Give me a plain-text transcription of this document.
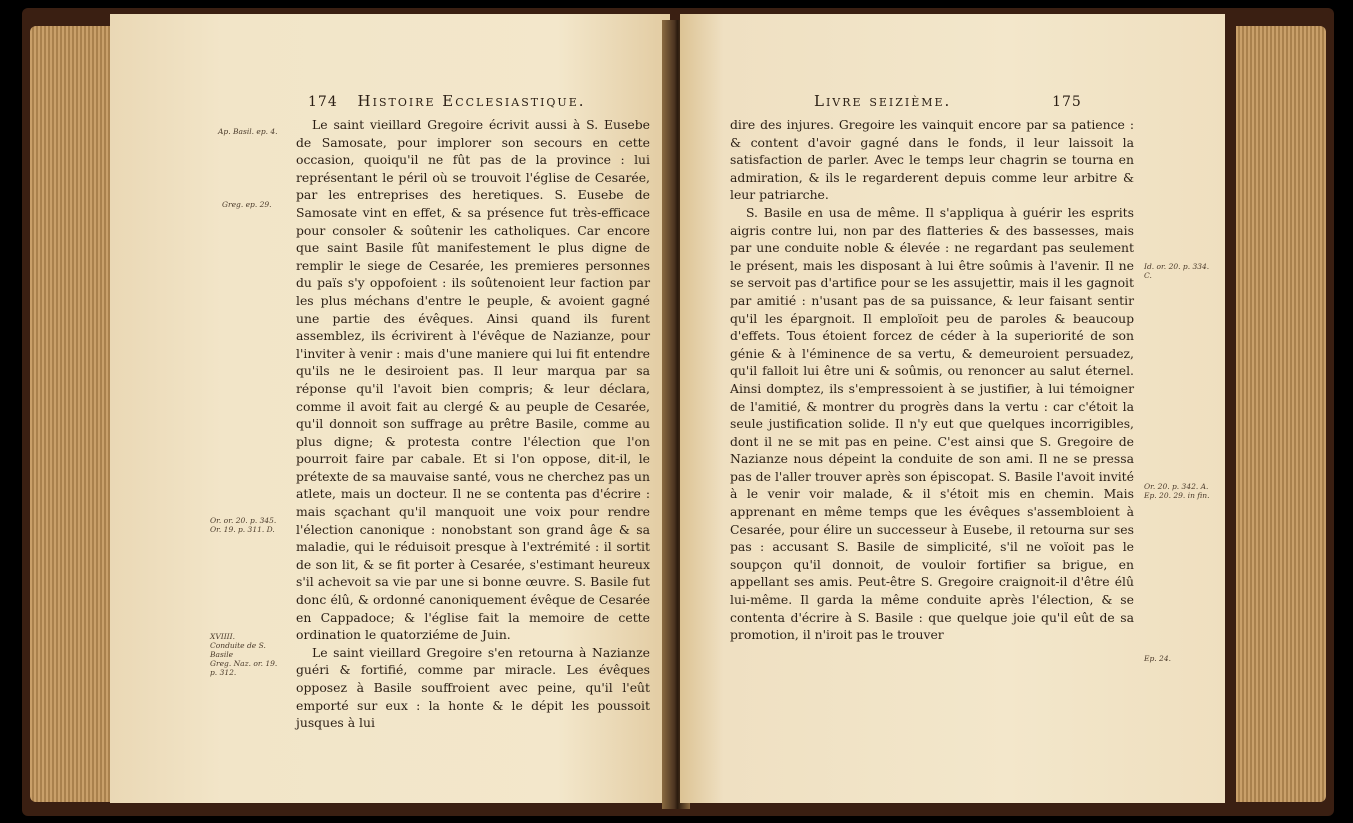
174 Histoire Ecclesiastique.
Ap. Basil. ep. 4.
Greg. ep. 29.
Or. or. 20. p. 345.
Or. 19. p. 311. D.
XVIIII.
Conduite de S.
Basile
Greg. Naz. or. 19.
p. 312.

Le saint vieillard Gregoire écrivit aussi à S. Eusebe de Samosate, pour implorer son secours en cette occasion, quoiqu'il ne fût pas de la province : lui représentant le péril où se trouvoit l'église de Cesarée, par les entreprises des heretiques. S. Eusebe de Samosate vint en effet, & sa présence fut très-efficace pour consoler & soûtenir les catholiques. Car encore que saint Basile fût manifestement le plus digne de remplir le siege de Cesarée, les premieres personnes du païs s'y oppofoient : ils soûtenoient leur faction par les plus méchans d'entre le peuple, & avoient gagné une partie des évêques. Ainsi quand ils furent assemblez, ils écrivirent à l'évêque de Nazianze, pour l'inviter à venir : mais d'une maniere qui lui fit entendre qu'ils ne le desiroient pas. Il leur marqua par sa réponse qu'il l'avoit bien compris; & leur déclara, comme il avoit fait au clergé & au peuple de Cesarée, qu'il donnoit son suffrage au prêtre Basile, comme au plus digne; & protesta contre l'élection que l'on pourroit faire par cabale. Et si l'on oppose, dit-il, le prétexte de sa mauvaise santé, vous ne cherchez pas un atlete, mais un docteur. Il ne se contenta pas d'écrire : mais sçachant qu'il manquoit une voix pour rendre l'élection canonique : nonobstant son grand âge & sa maladie, qui le réduisoit presque à l'extrémité : il sortit de son lit, & se fit porter à Cesarée, s'estimant heureux s'il achevoit sa vie par une si bonne œuvre. S. Basile fut donc élû, & ordonné canoniquement évêque de Cesarée en Cappadoce; & l'église fait la memoire de cette ordination le quatorziéme de Juin.

Le saint vieillard Gregoire s'en retourna à Nazianze guéri & fortifié, comme par miracle. Les évêques opposez à Basile souffroient avec peine, qu'il l'eût emporté sur eux : la honte & le dépit les poussoit jusques à lui

Livre seizième.	175

dire des injures. Gregoire les vainquit encore par sa patience : & content d'avoir gagné dans le fonds, il leur laissoit la satisfaction de parler. Avec le temps leur chagrin se tourna en admiration, & ils le regarderent depuis comme leur arbitre & leur patriarche.

S. Basile en usa de même. Il s'appliqua à guérir les esprits aigris contre lui, non par des flatteries & des bassesses, mais par une conduite noble & élevée : ne regardant pas seulement le présent, mais les disposant à lui être soûmis à l'avenir. Il ne se servoit pas d'artifice pour se les assujettir, mais il les gagnoit par amitié : n'usant pas de sa puissance, & leur faisant sentir qu'il les épargnoit. Il emploïoit peu de paroles & beaucoup d'effets. Tous étoient forcez de céder à la superiorité de son génie & à l'éminence de sa vertu, & demeuroient persuadez, qu'il falloit lui être uni & soûmis, ou renoncer au salut éternel. Ainsi domptez, ils s'empressoient à se justifier, à lui témoigner de l'amitié, & montrer du progrès dans la vertu : car c'étoit la seule justification solide. Il n'y eut que quelques incorrigibles, dont il ne se mit pas en peine. C'est ainsi que S. Gregoire de Nazianze nous dépeint la conduite de son ami. Il ne se pressa pas de l'aller trouver après son épiscopat. S. Basile l'avoit invité à le venir voir malade, & il s'étoit mis en chemin. Mais apprenant en même temps que les évêques s'assembloient à Cesarée, pour élire un successeur à Eusebe, il retourna sur ses pas : accusant S. Basile de simplicité, s'il ne voïoit pas le soupçon qu'il donnoit, de vouloir fortifier sa brigue, en appellant ses amis. Peut-être S. Gregoire craignoit-il d'être élû lui-même. Il garda la même conduite après l'élection, & se contenta d'écrire à S. Basile : que quelque joie qu'il eût de sa promotion, il n'iroit pas le trouver

Id. or. 20. p. 334.
C.
Or. 20. p. 342. A.
Ep. 20. 29. in fin.
Ep. 24.
